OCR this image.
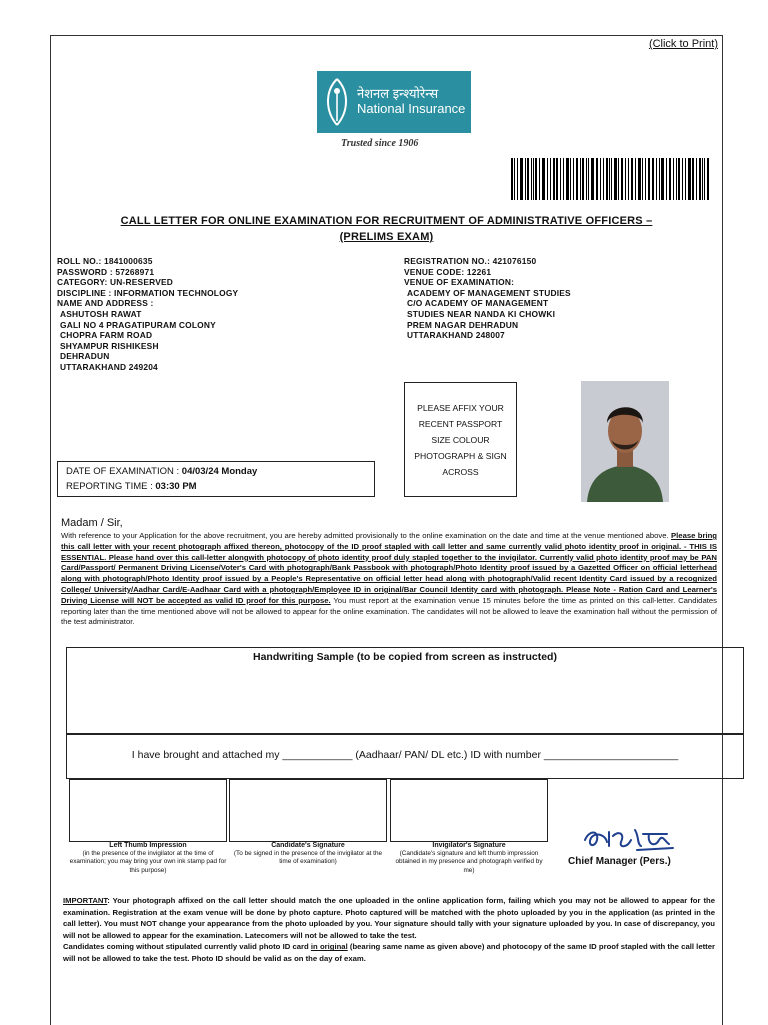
(Click to Print)
नेशनल इन्श्योरेन्स
National Insurance
Trusted since 1906
CALL LETTER FOR ONLINE EXAMINATION FOR RECRUITMENT OF ADMINISTRATIVE OFFICERS –
(PRELIMS EXAM)
ROLL NO.: 1841000635
PASSWORD : 57268971
CATEGORY: UN-RESERVED
DISCIPLINE : INFORMATION TECHNOLOGY
NAME AND ADDRESS :
ASHUTOSH RAWAT
GALI NO 4 PRAGATIPURAM COLONY
CHOPRA FARM ROAD
SHYAMPUR RISHIKESH
DEHRADUN
UTTARAKHAND 249204
REGISTRATION NO.: 421076150
VENUE CODE: 12261
VENUE OF EXAMINATION:
ACADEMY OF MANAGEMENT STUDIES
C/O ACADEMY OF MANAGEMENT
STUDIES NEAR NANDA KI CHOWKI
PREM NAGAR DEHRADUN
UTTARAKHAND 248007
PLEASE AFFIX YOUR RECENT PASSPORT SIZE COLOUR PHOTOGRAPH & SIGN ACROSS
DATE OF EXAMINATION : 04/03/24 Monday
REPORTING TIME : 03:30 PM
Madam / Sir,
With reference to your Application for the above recruitment, you are hereby admitted provisionally to the online examination on the date and time at the venue mentioned above. Please bring this call letter with your recent photograph affixed thereon, photocopy of the ID proof stapled with call letter and same currently valid photo identity proof in original. - THIS IS ESSENTIAL. Please hand over this call-letter alongwith photocopy of photo identity proof duly stapled together to the invigilator. Currently valid photo identity proof may be PAN Card/Passport/ Permanent Driving License/Voter's Card with photograph/Bank Passbook with photograph/Photo Identity proof issued by a Gazetted Officer on official letterhead along with photograph/Photo Identity proof issued by a People's Representative on official letter head along with photograph/Valid recent Identity Card issued by a recognized College/ University/Aadhar Card/E-Aadhaar Card with a photograph/Employee ID in original/Bar Council Identity card with photograph. Please Note - Ration Card and Learner's Driving License will NOT be accepted as valid ID proof for this purpose. You must report at the examination venue 15 minutes before the time as printed on this call-letter. Candidates reporting later than the time mentioned above will not be allowed to appear for the online examination. The candidates will not be allowed to leave the examination hall without the permission of the test administrator.
Handwriting Sample (to be copied from screen as instructed)
I have brought and attached my ____________ (Aadhaar/ PAN/ DL etc.) ID with number _______________________
Left Thumb Impression
(in the presence of the invigilator at the time of examination; you may bring your own ink stamp pad for this purpose)
Candidate's Signature
(To be signed in the presence of the invigilator at the time of examination)
Invigilator's Signature
(Candidate's signature and left thumb impression obtained in my presence and photograph verified by me)
Chief Manager (Pers.)
IMPORTANT: Your photograph affixed on the call letter should match the one uploaded in the online application form, failing which you may not be allowed to appear for the examination. Registration at the exam venue will be done by photo capture. Photo captured will be matched with the photo uploaded by you in the application (as printed in the call letter). You must NOT change your appearance from the photo uploaded by you. Your signature should tally with your signature uploaded by you. In case of discrepancy, you will not be allowed to appear for the examination. Latecomers will not be allowed to take the test.
Candidates coming without stipulated currently valid photo ID card in original (bearing same name as given above) and photocopy of the same ID proof stapled with the call letter will not be allowed to take the test. Photo ID should be valid as on the day of exam.
